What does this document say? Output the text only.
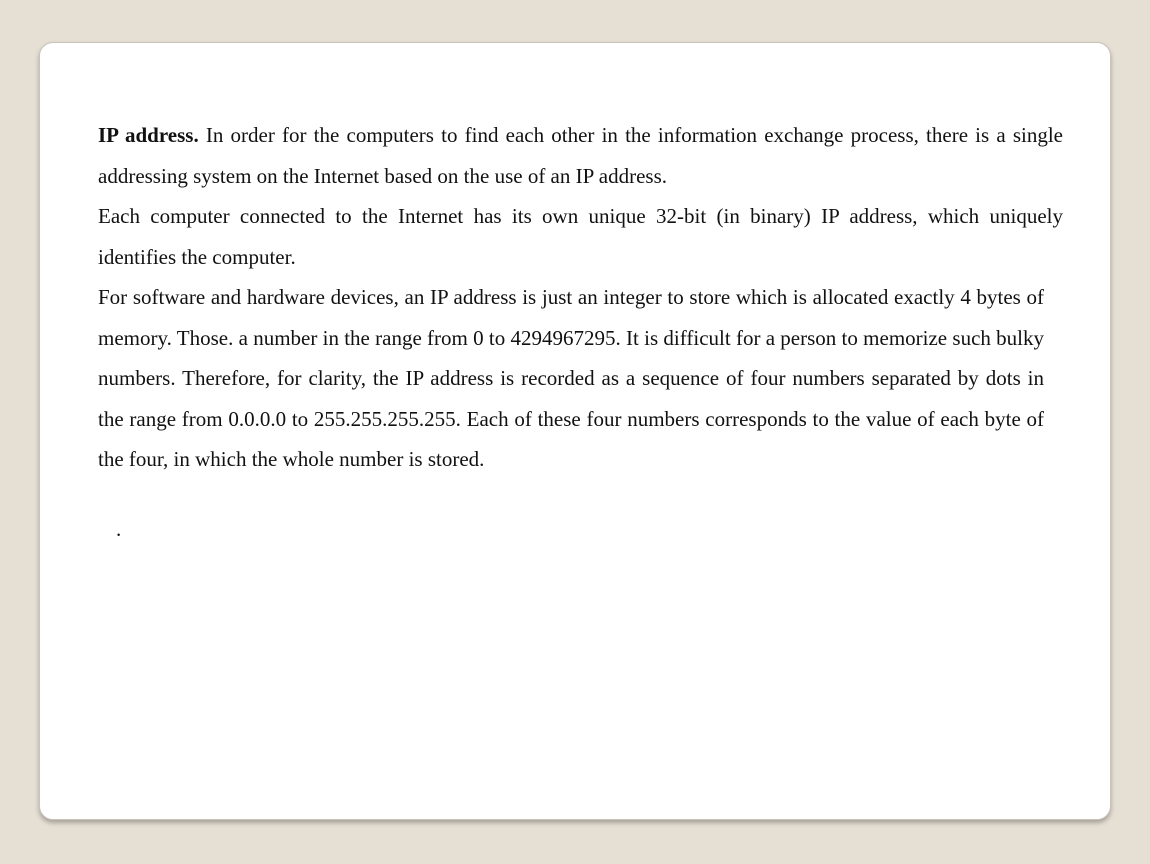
IP address. In order for the computers to find each other in the information exchange process, there is a single addressing system on the Internet based on the use of an IP address.

Each computer connected to the Internet has its own unique 32-bit (in binary) IP address, which uniquely identifies the computer.

For software and hardware devices, an IP address is just an integer to store which is allocated exactly 4 bytes of memory. Those. a number in the range from 0 to 4294967295. It is difficult for a person to memorize such bulky numbers. Therefore, for clarity, the IP address is recorded as a sequence of four numbers separated by dots in the range from 0.0.0.0 to 255.255.255.255. Each of these four numbers corresponds to the value of each byte of the four, in which the whole number is stored.

.
